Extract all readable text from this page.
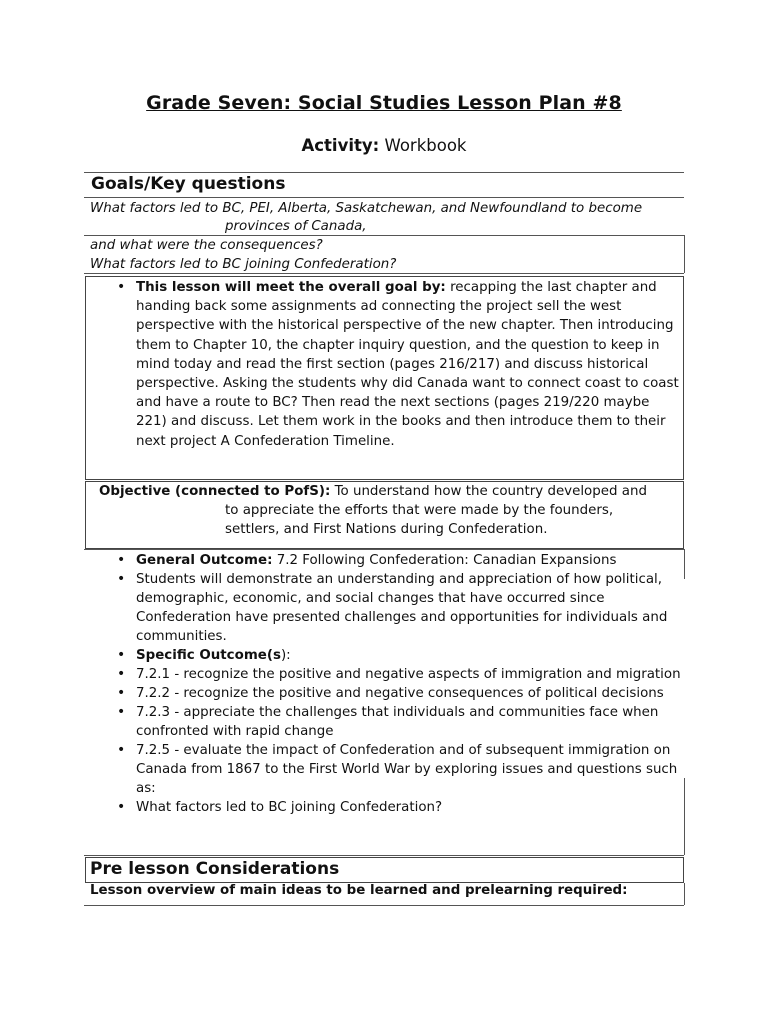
Grade Seven: Social Studies Lesson Plan #8
Activity: Workbook
Goals/Key questions
What factors led to BC, PEI, Alberta, Saskatchewan, and Newfoundland to become
provinces of Canada,
and what were the consequences?
What factors led to BC joining Confederation?
• This lesson will meet the overall goal by: recapping the last chapter and handing back some assignments ad connecting the project sell the west perspective with the historical perspective of the new chapter. Then introducing them to Chapter 10, the chapter inquiry question, and the question to keep in mind today and read the first section (pages 216/217) and discuss historical perspective. Asking the students why did Canada want to connect coast to coast and have a route to BC? Then read the next sections (pages 219/220 maybe 221) and discuss. Let them work in the books and then introduce them to their next project A Confederation Timeline.
Objective (connected to PofS): To understand how the country developed and
to appreciate the efforts that were made by the founders,
settlers, and First Nations during Confederation.
• General Outcome: 7.2 Following Confederation: Canadian Expansions
• Students will demonstrate an understanding and appreciation of how political, demographic, economic, and social changes that have occurred since Confederation have presented challenges and opportunities for individuals and communities.
• Specific Outcome(s):
• 7.2.1 - recognize the positive and negative aspects of immigration and migration
• 7.2.2 - recognize the positive and negative consequences of political decisions
• 7.2.3 - appreciate the challenges that individuals and communities face when confronted with rapid change
• 7.2.5 - evaluate the impact of Confederation and of subsequent immigration on Canada from 1867 to the First World War by exploring issues and questions such as:
• What factors led to BC joining Confederation?
Pre lesson Considerations
Lesson overview of main ideas to be learned and prelearning required:
